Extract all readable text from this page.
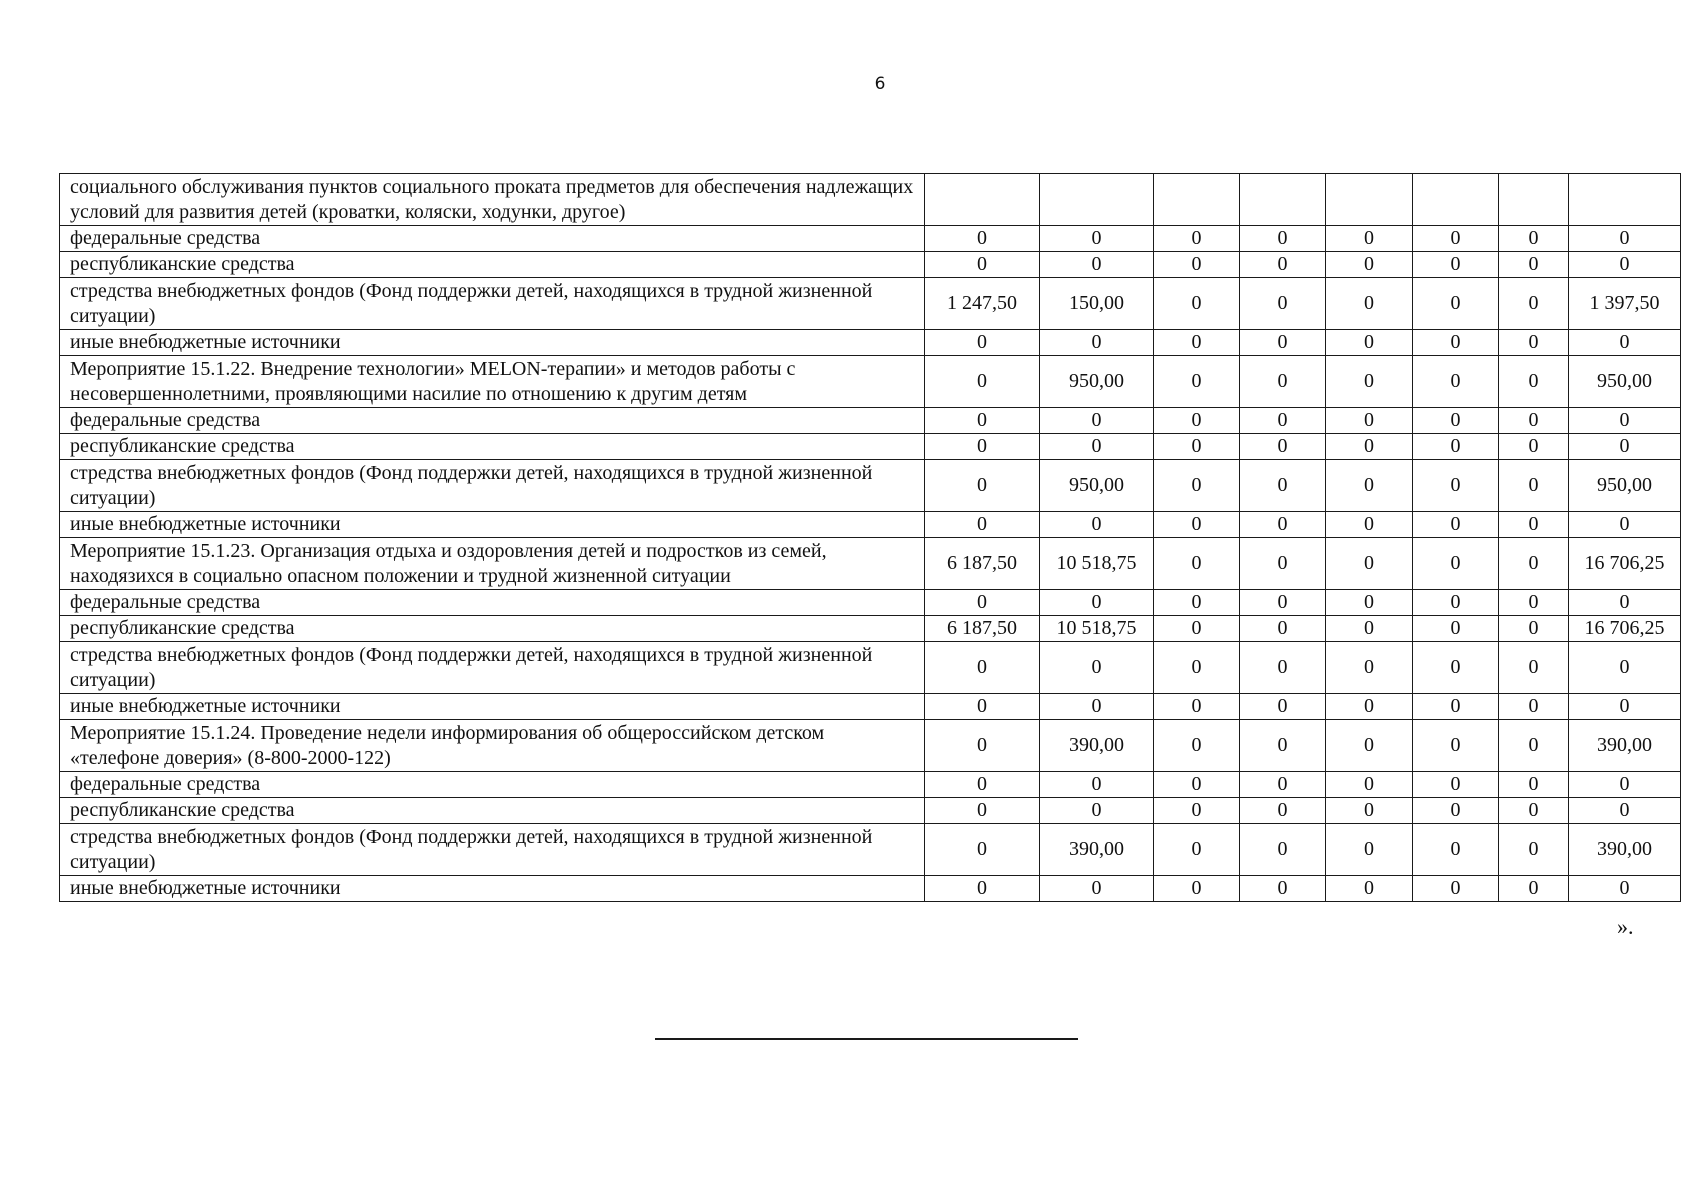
6
социального обслуживания пунктов социального проката предметов для обеспечения надлежащих условий для развития детей (кроватки, коляски, ходунки, другое)								
федеральные средства	0	0	0	0	0	0	0	0
республиканские средства	0	0	0	0	0	0	0	0
стредства внебюджетных фондов (Фонд поддержки детей, находящихся в трудной жизненной ситуации)	1 247,50	150,00	0	0	0	0	0	1 397,50
иные внебюджетные источники	0	0	0	0	0	0	0	0
Мероприятие 15.1.22. Внедрение технологии» MELON-терапии» и методов работы с несовершеннолетними, проявляющими насилие по отношению к другим детям	0	950,00	0	0	0	0	0	950,00
федеральные средства	0	0	0	0	0	0	0	0
республиканские средства	0	0	0	0	0	0	0	0
стредства внебюджетных фондов (Фонд поддержки детей, находящихся в трудной жизненной ситуации)	0	950,00	0	0	0	0	0	950,00
иные внебюджетные источники	0	0	0	0	0	0	0	0
Мероприятие 15.1.23. Организация отдыха и оздоровления детей и подростков из семей, находязихся в социально опасном положении и трудной жизненной ситуации	6 187,50	10 518,75	0	0	0	0	0	16 706,25
федеральные средства	0	0	0	0	0	0	0	0
республиканские средства	6 187,50	10 518,75	0	0	0	0	0	16 706,25
стредства внебюджетных фондов (Фонд поддержки детей, находящихся в трудной жизненной ситуации)	0	0	0	0	0	0	0	0
иные внебюджетные источники	0	0	0	0	0	0	0	0
Мероприятие 15.1.24. Проведение недели информирования об общероссийском детском «телефоне доверия» (8-800-2000-122)	0	390,00	0	0	0	0	0	390,00
федеральные средства	0	0	0	0	0	0	0	0
республиканские средства	0	0	0	0	0	0	0	0
стредства внебюджетных фондов (Фонд поддержки детей, находящихся в трудной жизненной ситуации)	0	390,00	0	0	0	0	0	390,00
иные внебюджетные источники	0	0	0	0	0	0	0	0
».
